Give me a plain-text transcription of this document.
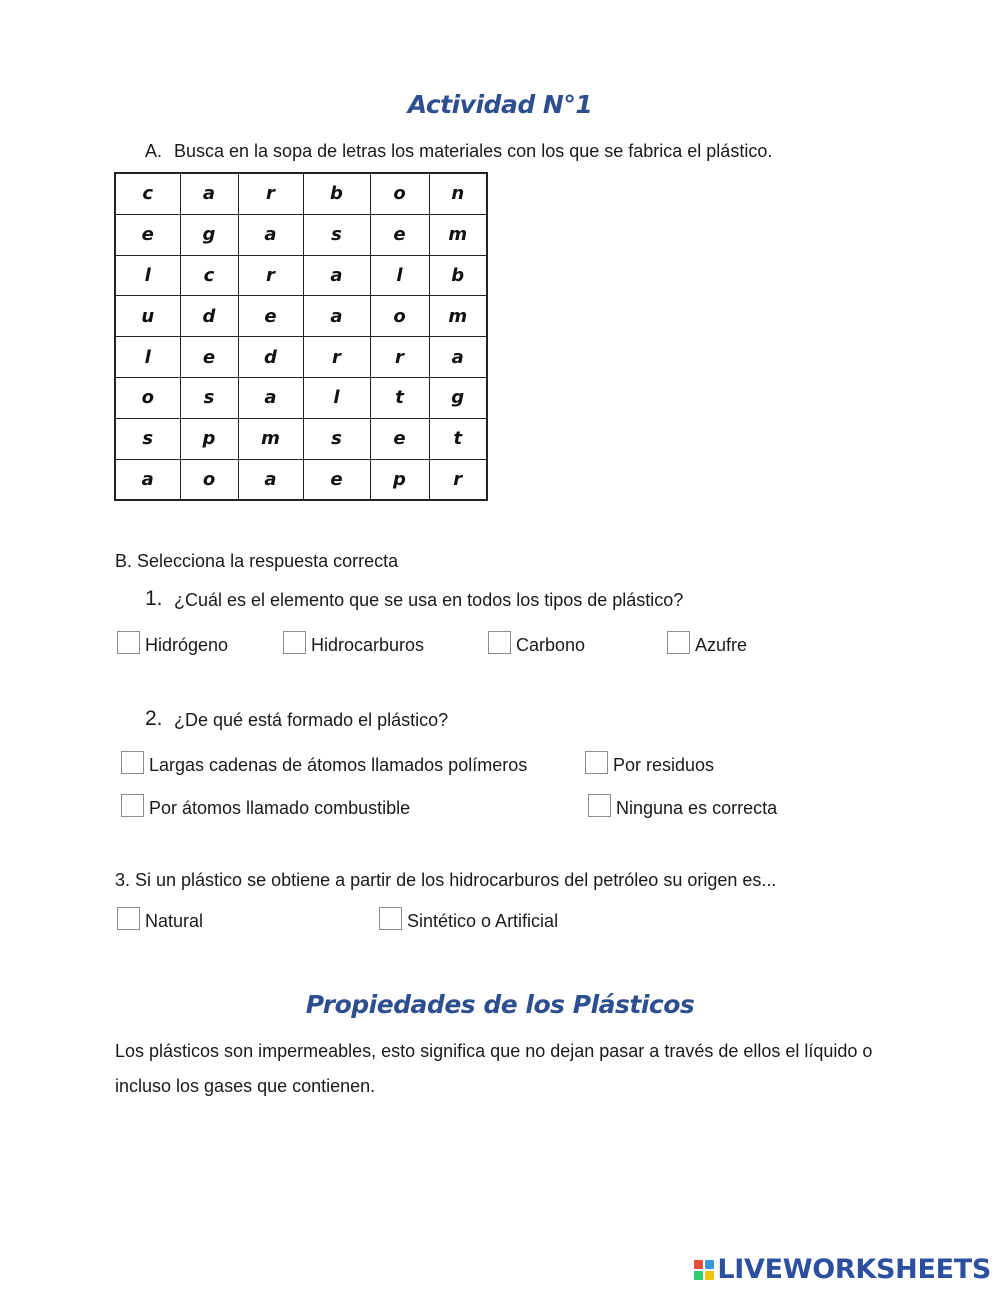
Actividad N°1
A. Busca en la sopa de letras los materiales con los que se fabrica el plástico.
c	a	r	b	o	n
e	g	a	s	e	m
l	c	r	a	l	b
u	d	e	a	o	m
l	e	d	r	r	a
o	s	a	l	t	g
s	p	m	s	e	t
a	o	a	e	p	r
B. Selecciona la respuesta correcta
1. ¿Cuál es el elemento que se usa en todos los tipos de plástico?
Hidrógeno	Hidrocarburos	Carbono	Azufre
2. ¿De qué está formado el plástico?
Largas cadenas de átomos llamados polímeros	Por residuos
Por átomos llamado combustible	Ninguna es correcta
3. Si un plástico se obtiene a partir de los hidrocarburos del petróleo su origen es...
Natural	Sintético o Artificial
Propiedades de los Plásticos
Los plásticos son impermeables, esto significa que no dejan pasar a través de ellos el líquido o
incluso los gases que contienen.
LIVEWORKSHEETS
